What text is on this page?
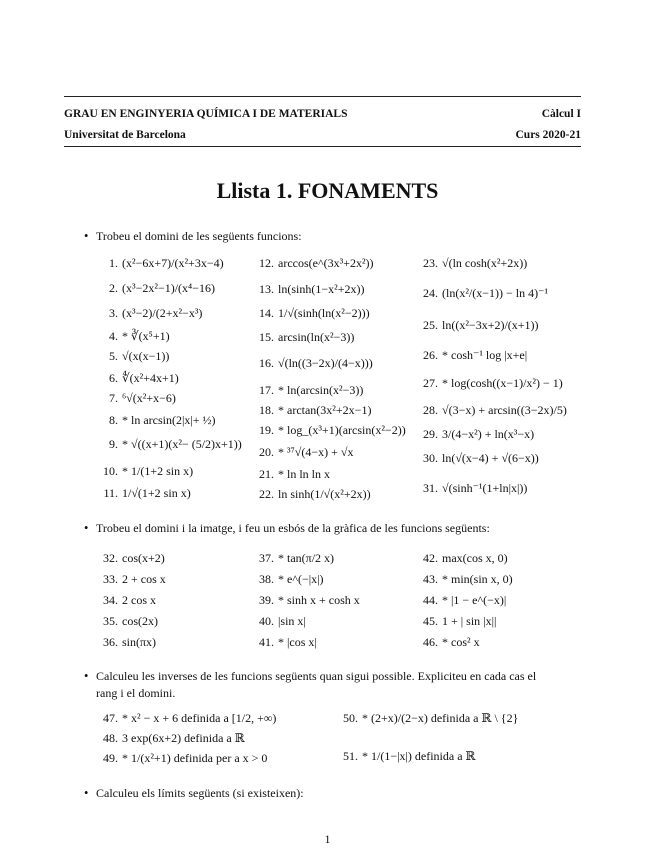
GRAU EN ENGINYERIA QUÍMICA I DE MATERIALS	Càlcul I
Universitat de Barcelona	Curs 2020-21
Llista 1. FONAMENTS
• Trobeu el domini de les següents funcions:
1. (x²−6x+7)/(x²+3x−4)
2. (x³−2x²−1)/(x⁴−16)
3. (x³−2)/(2+x²−x³)
4. * ∛(x⁵+1)
5. √(x(x−1))
6. ∜(x²+4x+1)
7. ⁶√(x²+x−6)
8. * ln arcsin(2|x|+ ½)
9. * √((x+1)(x²− (5/2)x+1))
10. * 1/(1+2 sin x)
11. 1/√(1+2 sin x)
12. arccos(e^(3x³+2x²))
13. ln(sinh(1−x²+2x))
14. 1/√(sinh(ln(x²−2)))
15. arcsin(ln(x²−3))
16. √(ln((3−2x)/(4−x)))
17. * ln(arcsin(x²−3))
18. * arctan(3x²+2x−1)
19. * log_(x³+1)(arcsin(x²−2))
20. * ³⁷√(4−x) + √x
21. * ln ln ln x
22. ln sinh(1/√(x²+2x))
23. √(ln cosh(x²+2x))
24. (ln(x²/(x−1)) − ln 4)⁻¹
25. ln((x²−3x+2)/(x+1))
26. * cosh⁻¹ log |x+e|
27. * log(cosh((x−1)/x²) − 1)
28. √(3−x) + arcsin((3−2x)/5)
29. 3/(4−x²) + ln(x³−x)
30. ln(√(x−4) + √(6−x))
31. √(sinh⁻¹(1+ln|x|))
• Trobeu el domini i la imatge, i feu un esbós de la gràfica de les funcions següents:
32. cos(x+2)
33. 2 + cos x
34. 2 cos x
35. cos(2x)
36. sin(πx)
37. * tan(π/2 x)
38. * e^(−|x|)
39. * sinh x + cosh x
40. |sin x|
41. * |cos x|
42. max(cos x, 0)
43. * min(sin x, 0)
44. * |1 − e^(−x)|
45. 1 + | sin |x||
46. * cos² x
• Calculeu les inverses de les funcions següents quan sigui possible. Expliciteu en cada cas el
rang i el domini.
47. * x² − x + 6 definida a [1/2, +∞)
48. 3 exp(6x+2) definida a ℝ
49. * 1/(x²+1) definida per a x > 0
50. * (2+x)/(2−x) definida a ℝ \ {2}
51. * 1/(1−|x|) definida a ℝ
• Calculeu els límits següents (si existeixen):
1
